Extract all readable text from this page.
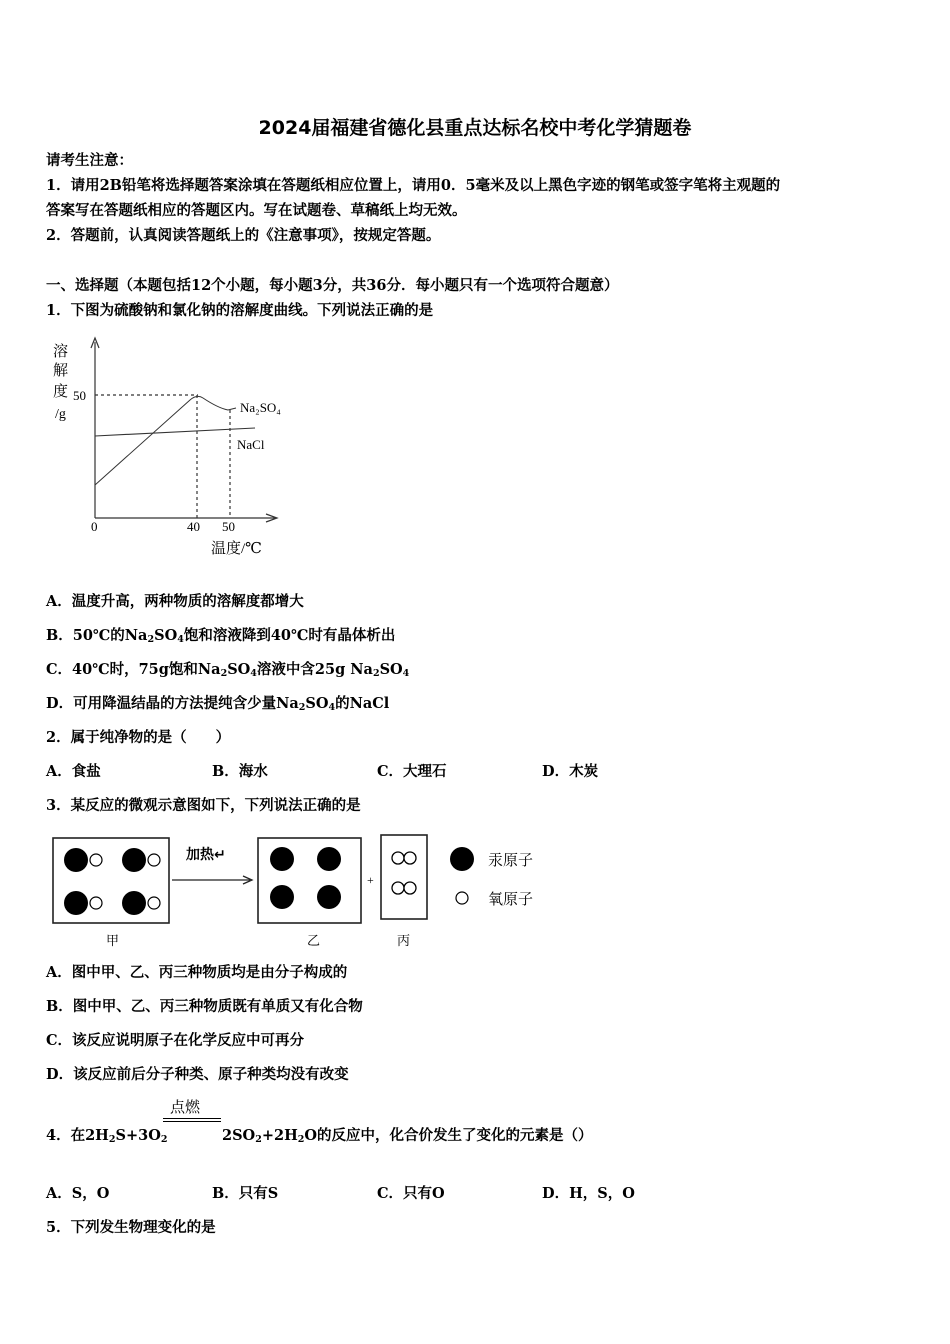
2024届福建省德化县重点达标名校中考化学猜题卷
请考生注意：
1．请用2B铅笔将选择题答案涂填在答题纸相应位置上，请用0．5毫米及以上黑色字迹的钢笔或签字笔将主观题的
答案写在答题纸相应的答题区内。写在试题卷、草稿纸上均无效。
2．答题前，认真阅读答题纸上的《注意事项》，按规定答题。
一、选择题（本题包括12个小题，每小题3分，共36分．每小题只有一个选项符合题意）
1．下图为硫酸钠和氯化钠的溶解度曲线。下列说法正确的是
溶
解
度
/g
50
Na₂SO₄
NaCl
0	40 50
温度/℃
A．温度升高，两种物质的溶解度都增大
B．50℃的$Na_2SO_4$饱和溶液降到40℃时有晶体析出
C．40℃时，75g饱和$Na_2SO_4$溶液中含25g $Na_2SO_4$
D．可用降温结晶的方法提纯含少量$Na_2SO_4$的NaCl
2．属于纯净物的是（　　）
A．食盐	B．海水	C．大理石	D．木炭
3．某反应的微观示意图如下，下列说法正确的是
加热↵
+
汞原子
氧原子
甲	乙	丙
A．图中甲、乙、丙三种物质均是由分子构成的
B．图中甲、乙、丙三种物质既有单质又有化合物
C．该反应说明原子在化学反应中可再分
D．该反应前后分子种类、原子种类均没有改变
点燃
4．在$2H_2S+3O_2$	$2SO_2+2H_2O$的反应中，化合价发生了变化的元素是（）
A．S，O	B．只有S	C．只有O	D．H，S，O
5．下列发生物理变化的是
